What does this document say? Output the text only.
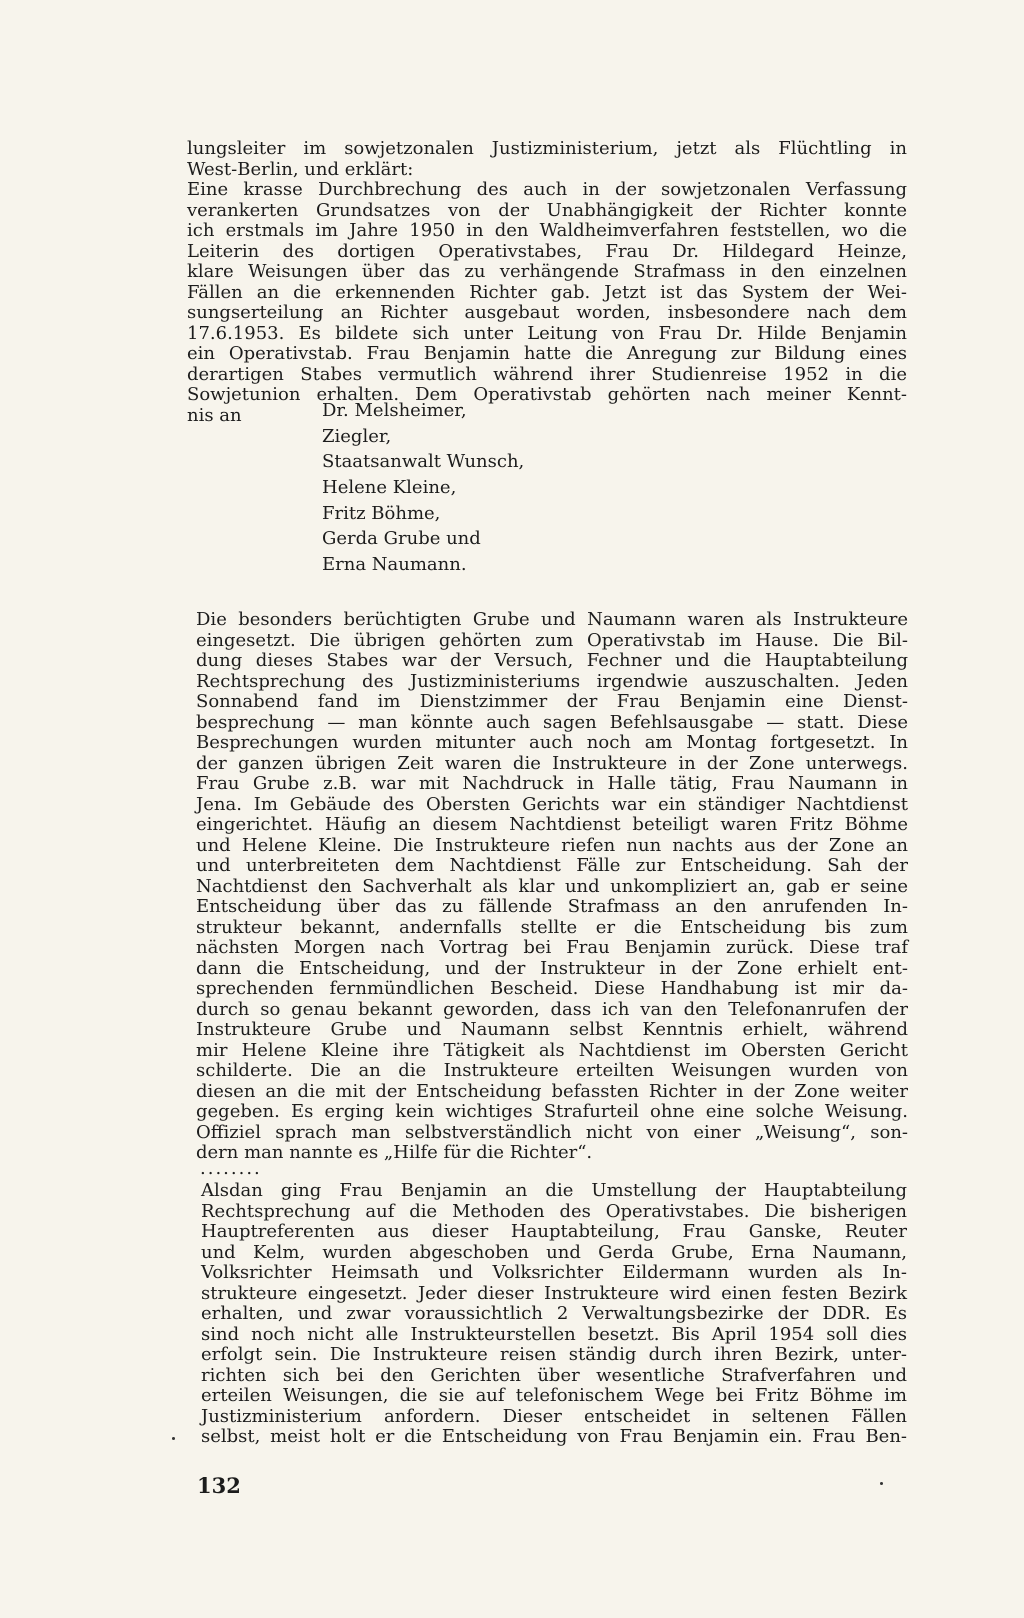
lungsleiter im sowjetzonalen Justizministerium, jetzt als Flüchtling in
West-Berlin, und erklärt:
Eine krasse Durchbrechung des auch in der sowjetzonalen Verfassung
verankerten Grundsatzes von der Unabhängigkeit der Richter konnte
ich erstmals im Jahre 1950 in den Waldheimverfahren feststellen, wo die
Leiterin des dortigen Operativstabes, Frau Dr. Hildegard Heinze,
klare Weisungen über das zu verhängende Strafmass in den einzelnen
Fällen an die erkennenden Richter gab. Jetzt ist das System der Wei-
sungserteilung an Richter ausgebaut worden, insbesondere nach dem
17.6.1953. Es bildete sich unter Leitung von Frau Dr. Hilde Benjamin
ein Operativstab. Frau Benjamin hatte die Anregung zur Bildung eines
derartigen Stabes vermutlich während ihrer Studienreise 1952 in die
Sowjetunion erhalten. Dem Operativstab gehörten nach meiner Kennt-
nis an	Dr. Melsheimer,
Ziegler,
Staatsanwalt Wunsch,
Helene Kleine,
Fritz Böhme,
Gerda Grube und
Erna Naumann.
Die besonders berüchtigten Grube und Naumann waren als Instrukteure
eingesetzt. Die übrigen gehörten zum Operativstab im Hause. Die Bil-
dung dieses Stabes war der Versuch, Fechner und die Hauptabteilung
Rechtsprechung des Justizministeriums irgendwie auszuschalten. Jeden
Sonnabend fand im Dienstzimmer der Frau Benjamin eine Dienst-
besprechung — man könnte auch sagen Befehlsausgabe — statt. Diese
Besprechungen wurden mitunter auch noch am Montag fortgesetzt. In
der ganzen übrigen Zeit waren die Instrukteure in der Zone unterwegs.
Frau Grube z.B. war mit Nachdruck in Halle tätig, Frau Naumann in
Jena. Im Gebäude des Obersten Gerichts war ein ständiger Nachtdienst
eingerichtet. Häufig an diesem Nachtdienst beteiligt waren Fritz Böhme
und Helene Kleine. Die Instrukteure riefen nun nachts aus der Zone an
und unterbreiteten dem Nachtdienst Fälle zur Entscheidung. Sah der
Nachtdienst den Sachverhalt als klar und unkompliziert an, gab er seine
Entscheidung über das zu fällende Strafmass an den anrufenden In-
strukteur bekannt, andernfalls stellte er die Entscheidung bis zum
nächsten Morgen nach Vortrag bei Frau Benjamin zurück. Diese traf
dann die Entscheidung, und der Instrukteur in der Zone erhielt ent-
sprechenden fernmündlichen Bescheid. Diese Handhabung ist mir da-
durch so genau bekannt geworden, dass ich van den Telefonanrufen der
Instrukteure Grube und Naumann selbst Kenntnis erhielt, während
mir Helene Kleine ihre Tätigkeit als Nachtdienst im Obersten Gericht
schilderte. Die an die Instrukteure erteilten Weisungen wurden von
diesen an die mit der Entscheidung befassten Richter in der Zone weiter
gegeben. Es erging kein wichtiges Strafurteil ohne eine solche Weisung.
Offiziel sprach man selbstverständlich nicht von einer „Weisung“, son-
dern man nannte es „Hilfe für die Richter“.
........
Alsdan ging Frau Benjamin an die Umstellung der Hauptabteilung
Rechtsprechung auf die Methoden des Operativstabes. Die bisherigen
Hauptreferenten aus dieser Hauptabteilung, Frau Ganske, Reuter
und Kelm, wurden abgeschoben und Gerda Grube, Erna Naumann,
Volksrichter Heimsath und Volksrichter Eildermann wurden als In-
strukteure eingesetzt. Jeder dieser Instrukteure wird einen festen Bezirk
erhalten, und zwar voraussichtlich 2 Verwaltungsbezirke der DDR. Es
sind noch nicht alle Instrukteurstellen besetzt. Bis April 1954 soll dies
erfolgt sein. Die Instrukteure reisen ständig durch ihren Bezirk, unter-
richten sich bei den Gerichten über wesentliche Strafverfahren und
erteilen Weisungen, die sie auf telefonischem Wege bei Fritz Böhme im
Justizministerium anfordern. Dieser entscheidet in seltenen Fällen
selbst, meist holt er die Entscheidung von Frau Benjamin ein. Frau Ben-
132
